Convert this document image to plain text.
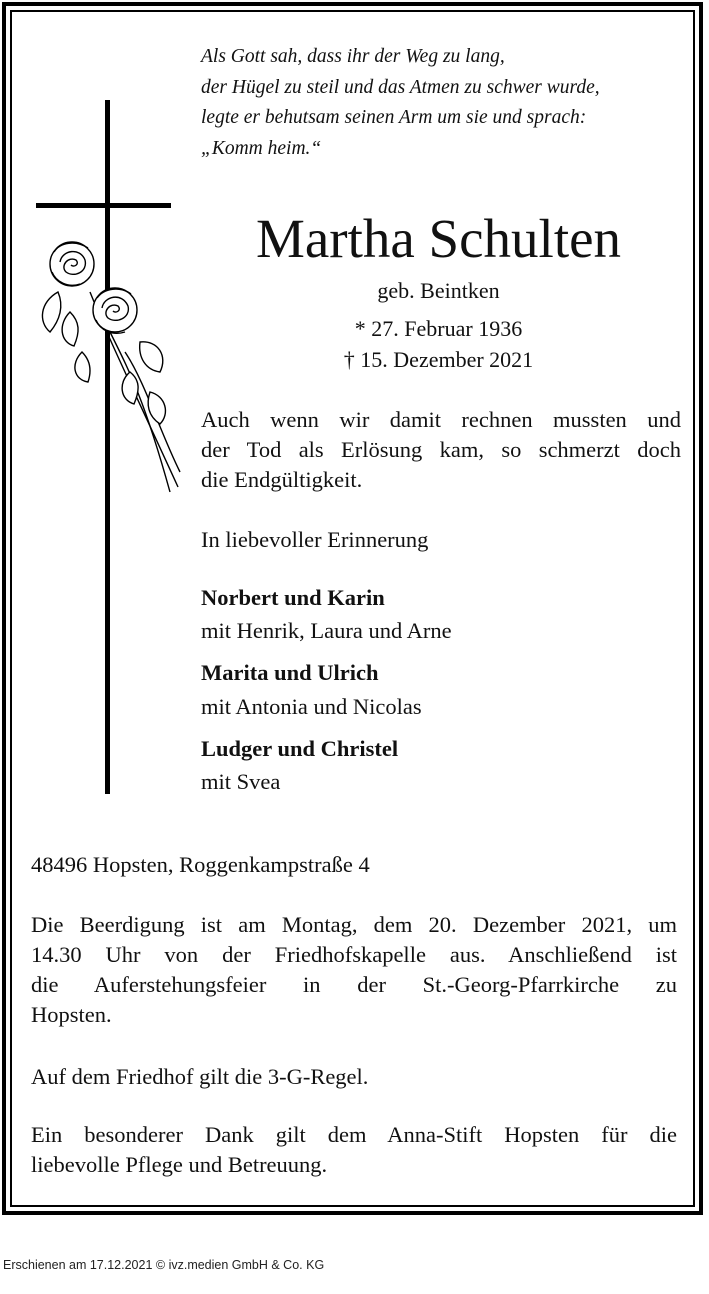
Als Gott sah, dass ihr der Weg zu lang,
der Hügel zu steil und das Atmen zu schwer wurde,
legte er behutsam seinen Arm um sie und sprach:
„Komm heim.“
Martha Schulten
geb. Beintken
* 27. Februar 1936
† 15. Dezember 2021
Auch wenn wir damit rechnen mussten und
der Tod als Erlösung kam, so schmerzt doch
die Endgültigkeit.
In liebevoller Erinnerung
Norbert und Karin
mit Henrik, Laura und Arne
Marita und Ulrich
mit Antonia und Nicolas
Ludger und Christel
mit Svea
48496 Hopsten, Roggenkampstraße 4
Die Beerdigung ist am Montag, dem 20. Dezember 2021, um
14.30 Uhr von der Friedhofskapelle aus. Anschließend ist
die Auferstehungsfeier in der St.-Georg-Pfarrkirche zu
Hopsten.
Auf dem Friedhof gilt die 3-G-Regel.
Ein besonderer Dank gilt dem Anna-Stift Hopsten für die
liebevolle Pflege und Betreuung.
Erschienen am 17.12.2021 © ivz.medien GmbH & Co. KG
